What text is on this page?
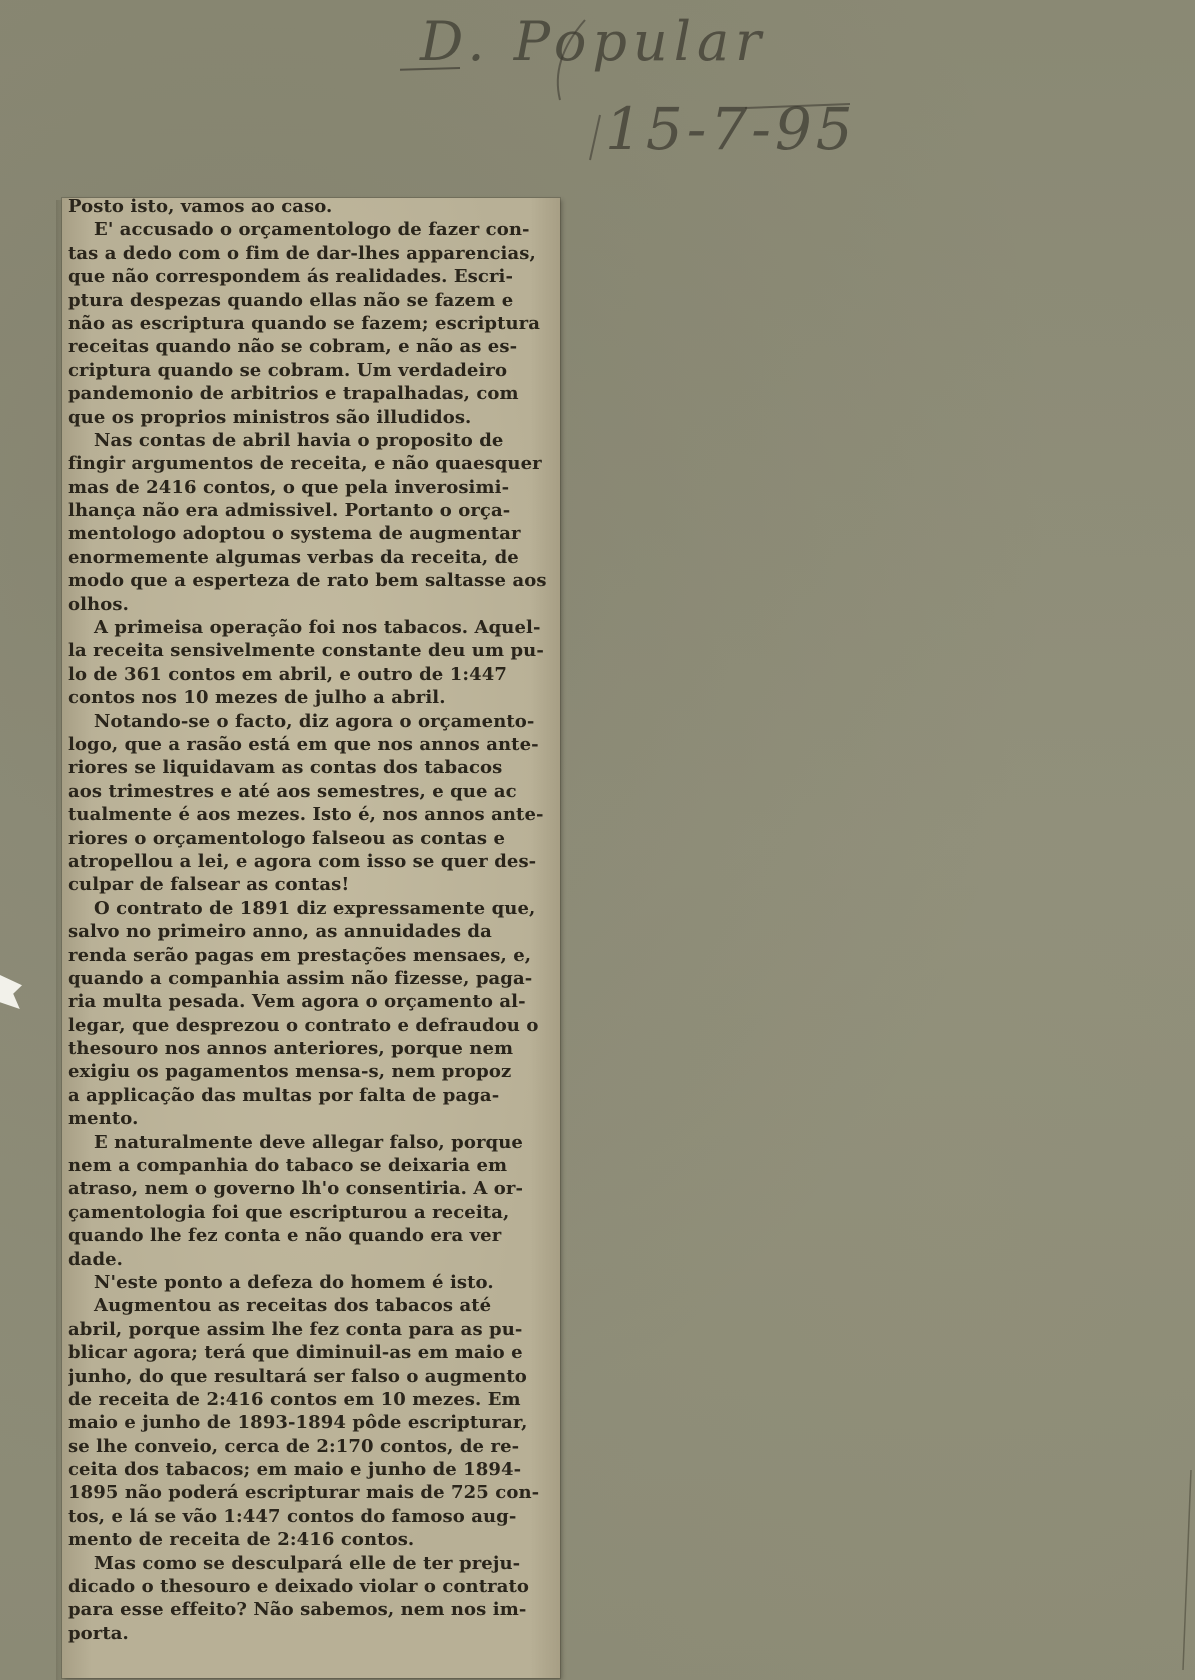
D. Popular
15-7-95
Posto isto, vamos ao caso.
E' accusado o orçamentologo de fazer con-
tas a dedo com o fim de dar-lhes apparencias,
que não correspondem ás realidades. Escri-
ptura despezas quando ellas não se fazem e
não as escriptura quando se fazem; escriptura
receitas quando não se cobram, e não as es-
criptura quando se cobram. Um verdadeiro
pandemonio de arbitrios e trapalhadas, com
que os proprios ministros são illudidos.
Nas contas de abril havia o proposito de
fingir argumentos de receita, e não quaesquer
mas de 2416 contos, o que pela inverosimi-
lhança não era admissivel. Portanto o orça-
mentologo adoptou o systema de augmentar
enormemente algumas verbas da receita, de
modo que a esperteza de rato bem saltasse aos
olhos.
A primeisa operação foi nos tabacos. Aquel-
la receita sensivelmente constante deu um pu-
lo de 361 contos em abril, e outro de 1:447
contos nos 10 mezes de julho a abril.
Notando-se o facto, diz agora o orçamento-
logo, que a rasão está em que nos annos ante-
riores se liquidavam as contas dos tabacos
aos trimestres e até aos semestres, e que ac
tualmente é aos mezes. Isto é, nos annos ante-
riores o orçamentologo falseou as contas e
atropellou a lei, e agora com isso se quer des-
culpar de falsear as contas!
O contrato de 1891 diz expressamente que,
salvo no primeiro anno, as annuidades da
renda serão pagas em prestações mensaes, e,
quando a companhia assim não fizesse, paga-
ria multa pesada. Vem agora o orçamento al-
legar, que desprezou o contrato e defraudou o
thesouro nos annos anteriores, porque nem
exigiu os pagamentos mensa-s, nem propoz
a applicação das multas por falta de paga-
mento.
E naturalmente deve allegar falso, porque
nem a companhia do tabaco se deixaria em
atraso, nem o governo lh'o consentiria. A or-
çamentologia foi que escripturou a receita,
quando lhe fez conta e não quando era ver
dade.
N'este ponto a defeza do homem é isto.
Augmentou as receitas dos tabacos até
abril, porque assim lhe fez conta para as pu-
blicar agora; terá que diminuil-as em maio e
junho, do que resultará ser falso o augmento
de receita de 2:416 contos em 10 mezes. Em
maio e junho de 1893-1894 pôde escripturar,
se lhe conveio, cerca de 2:170 contos, de re-
ceita dos tabacos; em maio e junho de 1894-
1895 não poderá escripturar mais de 725 con-
tos, e lá se vão 1:447 contos do famoso aug-
mento de receita de 2:416 contos.
Mas como se desculpará elle de ter preju-
dicado o thesouro e deixado violar o contrato
para esse effeito? Não sabemos, nem nos im-
porta.
